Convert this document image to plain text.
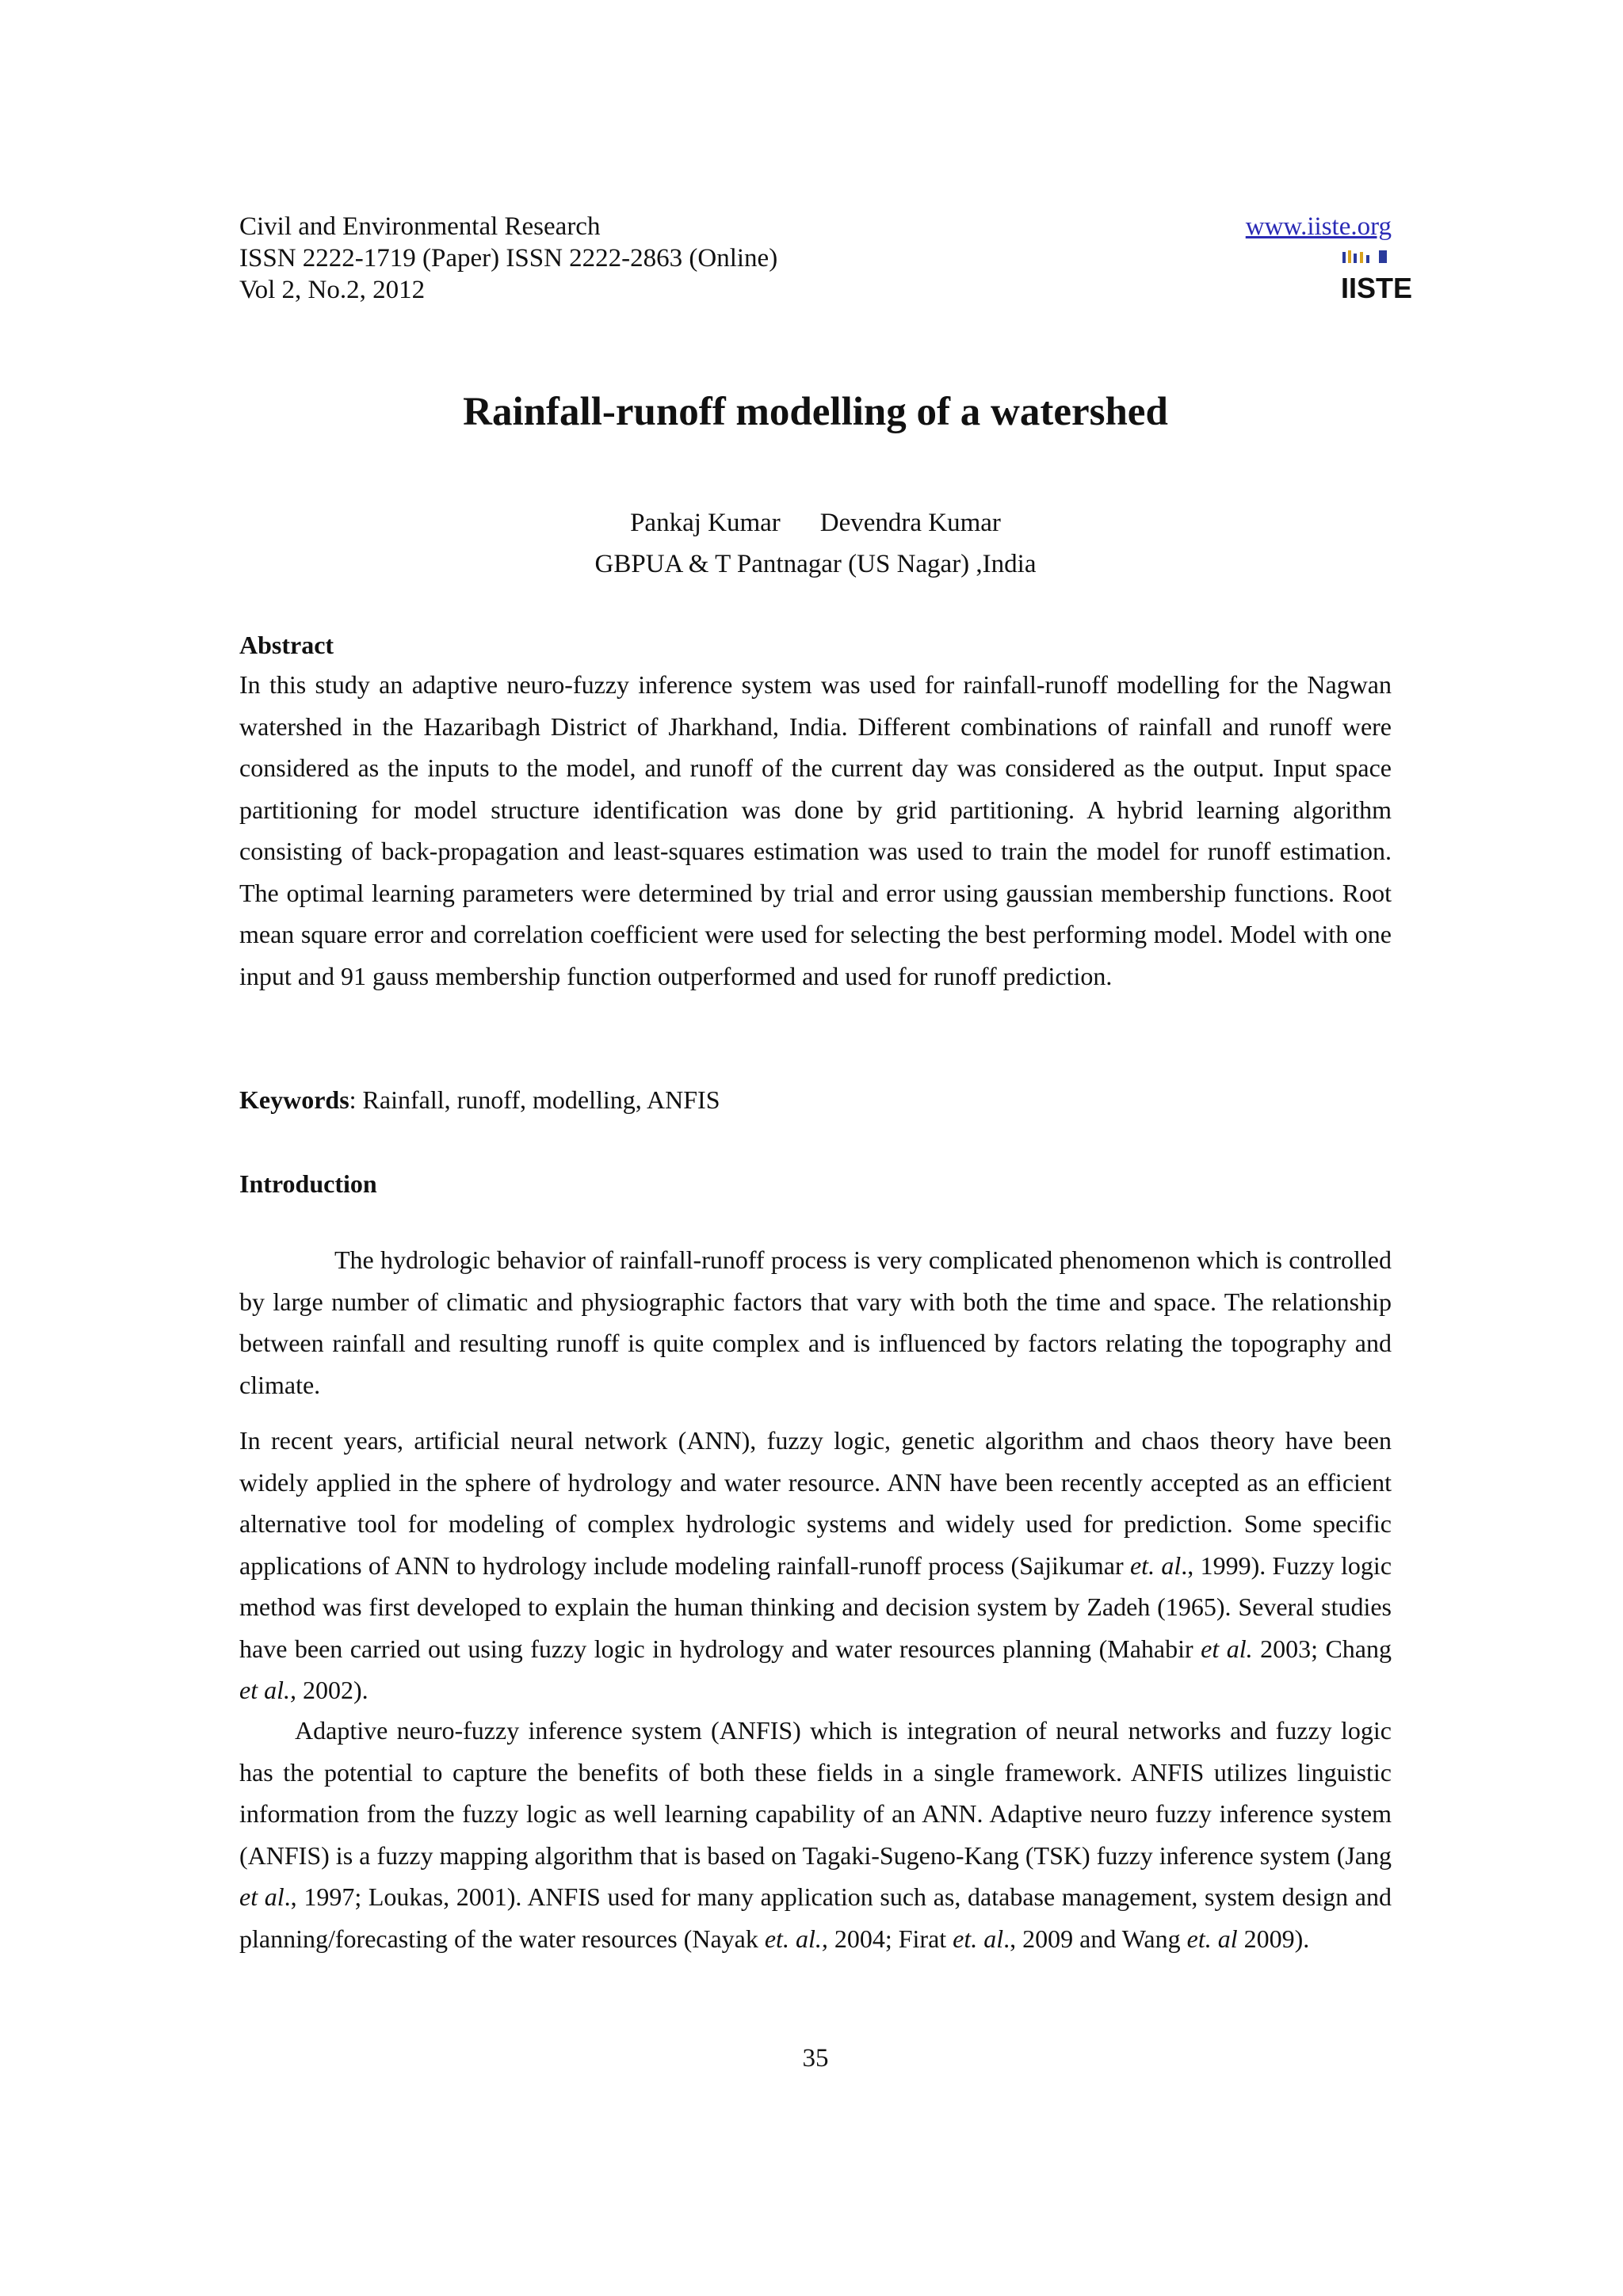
Civil and Environmental Research
ISSN 2222-1719 (Paper) ISSN 2222-2863 (Online)
Vol 2, No.2, 2012
www.iiste.org
IISTE
Rainfall-runoff modelling of a watershed
Pankaj Kumar Devendra Kumar
GBPUA & T Pantnagar (US Nagar) ,India
Abstract
In this study an adaptive neuro-fuzzy inference system was used for rainfall-runoff modelling for the Nagwan watershed in the Hazaribagh District of Jharkhand, India. Different combinations of rainfall and runoff were considered as the inputs to the model, and runoff of the current day was considered as the output. Input space partitioning for model structure identification was done by grid partitioning. A hybrid learning algorithm consisting of back-propagation and least-squares estimation was used to train the model for runoff estimation. The optimal learning parameters were determined by trial and error using gaussian membership functions. Root mean square error and correlation coefficient were used for selecting the best performing model. Model with one input and 91 gauss membership function outperformed and used for runoff prediction.
Keywords: Rainfall, runoff, modelling, ANFIS
Introduction
The hydrologic behavior of rainfall-runoff process is very complicated phenomenon which is controlled by large number of climatic and physiographic factors that vary with both the time and space. The relationship between rainfall and resulting runoff is quite complex and is influenced by factors relating the topography and climate.
In recent years, artificial neural network (ANN), fuzzy logic, genetic algorithm and chaos theory have been widely applied in the sphere of hydrology and water resource. ANN have been recently accepted as an efficient alternative tool for modeling of complex hydrologic systems and widely used for prediction. Some specific applications of ANN to hydrology include modeling rainfall-runoff process (Sajikumar et. al., 1999). Fuzzy logic method was first developed to explain the human thinking and decision system by Zadeh (1965). Several studies have been carried out using fuzzy logic in hydrology and water resources planning (Mahabir et al. 2003; Chang et al., 2002).
Adaptive neuro-fuzzy inference system (ANFIS) which is integration of neural networks and fuzzy logic has the potential to capture the benefits of both these fields in a single framework. ANFIS utilizes linguistic information from the fuzzy logic as well learning capability of an ANN. Adaptive neuro fuzzy inference system (ANFIS) is a fuzzy mapping algorithm that is based on Tagaki-Sugeno-Kang (TSK) fuzzy inference system (Jang et al., 1997; Loukas, 2001). ANFIS used for many application such as, database management, system design and planning/forecasting of the water resources (Nayak et. al., 2004; Firat et. al., 2009 and Wang et. al 2009).
35
